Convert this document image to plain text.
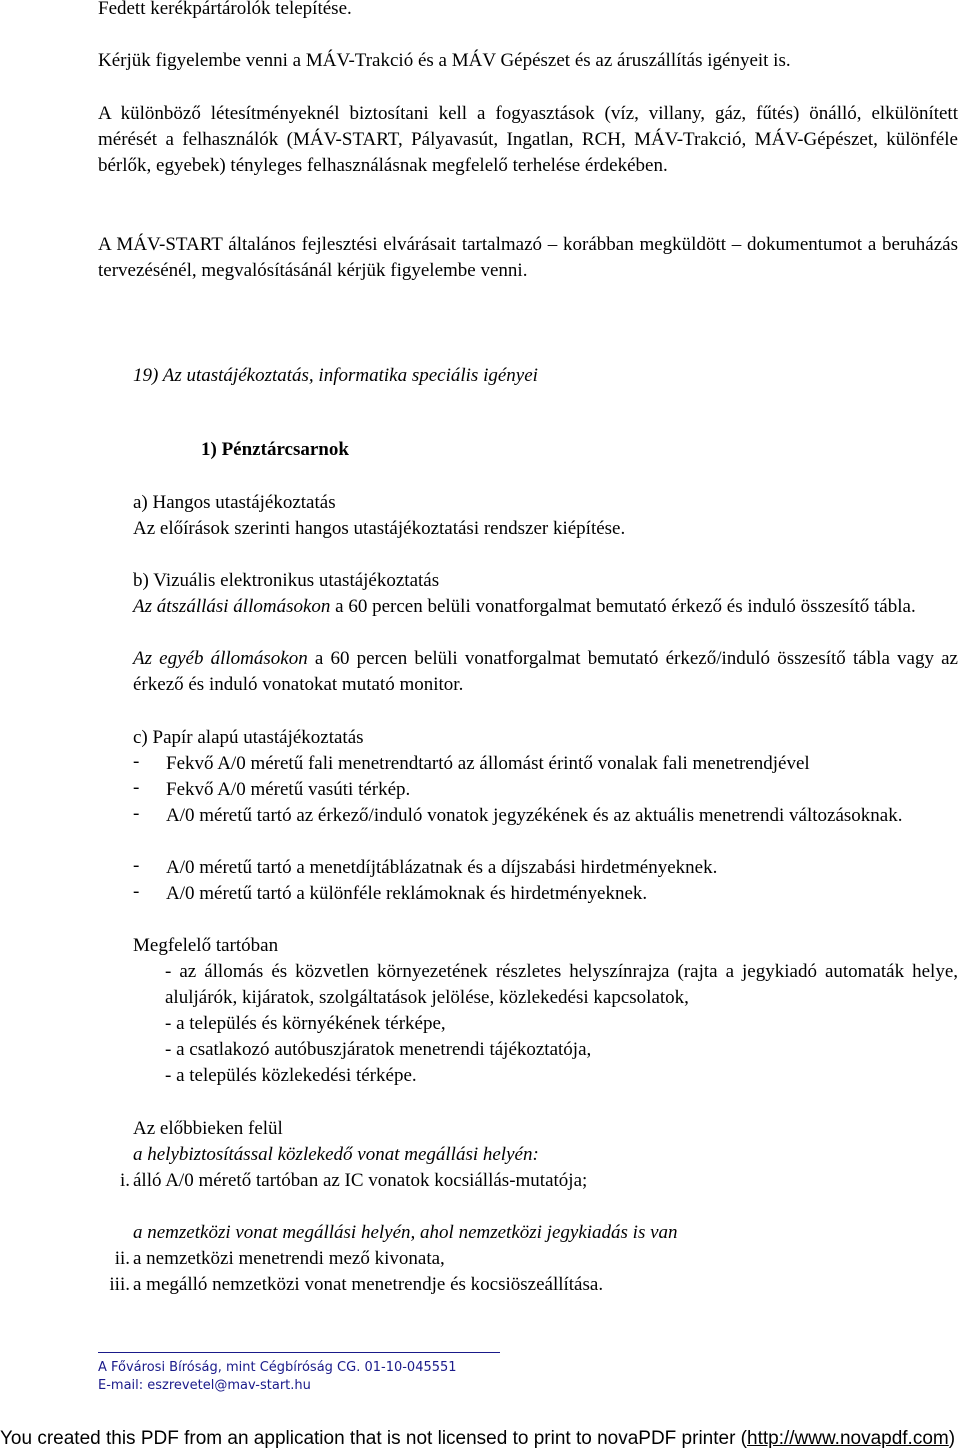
Fedett kerékpártárolók telepítése.

Kérjük figyelembe venni a MÁV-Trakció és a MÁV Gépészet és az áruszállítás igényeit is.

A különböző létesítményeknél biztosítani kell a fogyasztások (víz, villany, gáz, fűtés) önálló, elkülönített mérését a felhasználók (MÁV-START, Pályavasút, Ingatlan, RCH, MÁV-Trakció, MÁV-Gépészet, különféle bérlők, egyebek) tényleges felhasználásnak megfelelő terhelése érdekében.

A MÁV-START általános fejlesztési elvárásait tartalmazó – korábban megküldött – dokumentumot a beruházás tervezésénél, megvalósításánál kérjük figyelembe venni.

19) Az utastájékoztatás, informatika speciális igényei

1) Pénztárcsarnok

a) Hangos utastájékoztatás

Az előírások szerinti hangos utastájékoztatási rendszer kiépítése.

b) Vizuális elektronikus utastájékoztatás

Az átszállási állomásokon a 60 percen belüli vonatforgalmat bemutató érkező és induló összesítő tábla.

Az egyéb állomásokon a 60 percen belüli vonatforgalmat bemutató érkező/induló összesítő tábla vagy az érkező és induló vonatokat mutató monitor.

c) Papír alapú utastájékoztatás

- Fekvő A/0 méretű fali menetrendtartó az állomást érintő vonalak fali menetrendjével
- Fekvő A/0 méretű vasúti térkép.
- A/0 méretű tartó az érkező/induló vonatok jegyzékének és az aktuális menetrendi változásoknak.
- A/0 méretű tartó a menetdíjtáblázatnak és a díjszabási hirdetményeknek.
- A/0 méretű tartó a különféle reklámoknak és hirdetményeknek.

Megfelelő tartóban

- az állomás és közvetlen környezetének részletes helyszínrajza (rajta a jegykiadó automaták helye, aluljárók, kijáratok, szolgáltatások jelölése, közlekedési kapcsolatok,

- a település és környékének térképe,

- a csatlakozó autóbuszjáratok menetrendi tájékoztatója,

- a település közlekedési térképe.

Az előbbieken felül

a helybiztosítással közlekedő vonat megállási helyén:

i. álló A/0 mérető tartóban az IC vonatok kocsiállás-mutatója;

a nemzetközi vonat megállási helyén, ahol nemzetközi jegykiadás is van

ii. a nemzetközi menetrendi mező kivonata,

iii. a megálló nemzetközi vonat menetrendje és kocsiöszeállítása.

A Fővárosi Bíróság, mint Cégbíróság CG. 01-10-045551

E-mail: eszrevetel@mav-start.hu

You created this PDF from an application that is not licensed to print to novaPDF printer (http://www.novapdf.com)
